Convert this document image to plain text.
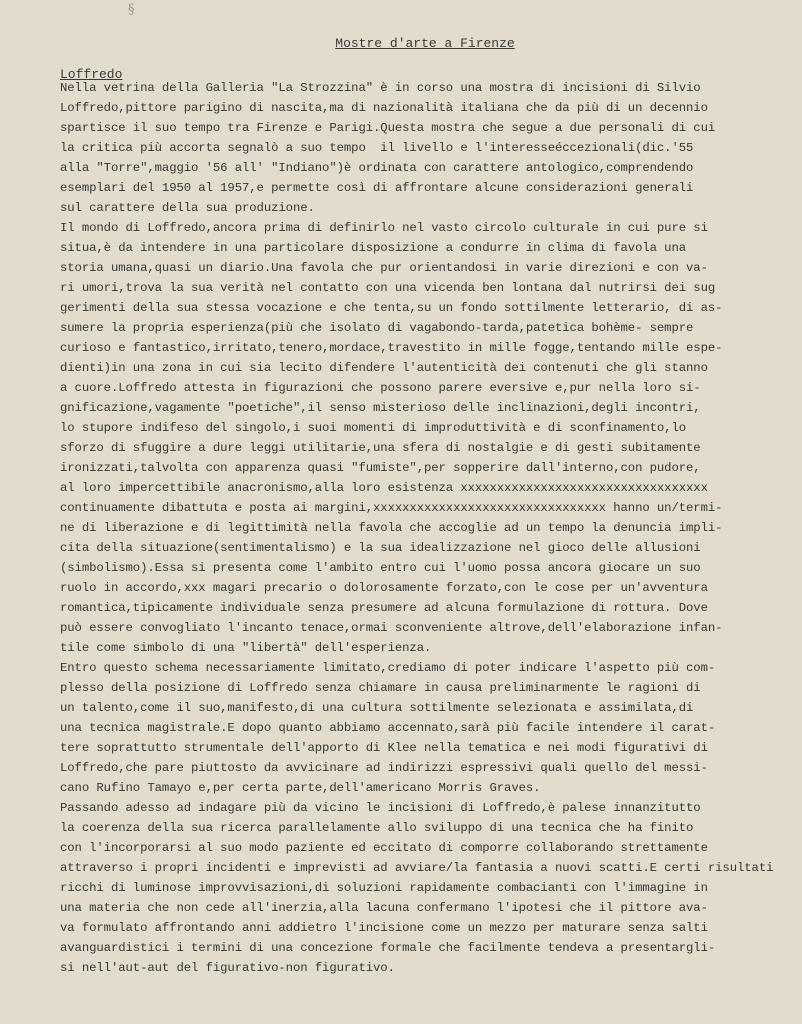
§
Mostre d'arte a Firenze
Loffredo
Nella vetrina della Galleria "La Strozzina" è in corso una mostra di incisioni di Silvio
Loffredo,pittore parigino di nascita,ma di nazionalità italiana che da più di un decennio
spartisce il suo tempo tra Firenze e Parigi.Questa mostra che segue a due personali di cui
la critica più accorta segnalò a suo tempo  il livello e l'interesseéccezionali(dic.'55
alla "Torre",maggio '56 all' "Indiano")è ordinata con carattere antologico,comprendendo
esemplari del 1950 al 1957,e permette così di affrontare alcune considerazioni generali
sul carattere della sua produzione.
Il mondo di Loffredo,ancora prima di definirlo nel vasto circolo culturale in cui pure si
situa,è da intendere in una particolare disposizione a condurre in clima di favola una
storia umana,quasi un diario.Una favola che pur orientandosi in varie direzioni e con va-
ri umori,trova la sua verità nel contatto con una vicenda ben lontana dal nutrirsi dei sug
gerimenti della sua stessa vocazione e che tenta,su un fondo sottilmente letterario, di as-
sumere la propria esperienza(più che isolato di vagabondo-tarda,patetica bohème- sempre
curioso e fantastico,irritato,tenero,mordace,travestito in mille fogge,tentando mille espe-
dienti)in una zona in cui sia lecito difendere l'autenticità dei contenuti che gli stanno
a cuore.Loffredo attesta in figurazioni che possono parere eversive e,pur nella loro si-
gnificazione,vagamente "poetiche",il senso misterioso delle inclinazioni,degli incontri,
lo stupore indifeso del singolo,i suoi momenti di improduttività e di sconfinamento,lo
sforzo di sfuggire a dure leggi utilitarie,una sfera di nostalgie e di gesti subitamente
ironizzati,talvolta con apparenza quasi "fumiste",per sopperire dall'interno,con pudore,
al loro impercettibile anacronismo,alla loro esistenza xxxxxxxxxxxxxxxxxxxxxxxxxxxxxxxxxx
continuamente dibattuta e posta ai margini,xxxxxxxxxxxxxxxxxxxxxxxxxxxxxxxx hanno un/termi-
ne di liberazione e di legittimità nella favola che accoglie ad un tempo la denuncia impli-
cita della situazione(sentimentalismo) e la sua idealizzazione nel gioco delle allusioni
(simbolismo).Essa si presenta come l'ambito entro cui l'uomo possa ancora giocare un suo
ruolo in accordo,xxx magari precario o dolorosamente forzato,con le cose per un'avventura
romantica,tipicamente individuale senza presumere ad alcuna formulazione di rottura. Dove
può essere convogliato l'incanto tenace,ormai sconveniente altrove,dell'elaborazione infan-
tile come simbolo di una "libertà" dell'esperienza.
Entro questo schema necessariamente limitato,crediamo di poter indicare l'aspetto più com-
plesso della posizione di Loffredo senza chiamare in causa preliminarmente le ragioni di
un talento,come il suo,manifesto,di una cultura sottilmente selezionata e assimilata,di
una tecnica magistrale.E dopo quanto abbiamo accennato,sarà più facile intendere il carat-
tere soprattutto strumentale dell'apporto di Klee nella tematica e nei modi figurativi di
Loffredo,che pare piuttosto da avvicinare ad indirizzi espressivi quali quello del messi-
cano Rufino Tamayo e,per certa parte,dell'americano Morris Graves.
Passando adesso ad indagare più da vicino le incisioni di Loffredo,è palese innanzitutto
la coerenza della sua ricerca parallelamente allo sviluppo di una tecnica che ha finito
con l'incorporarsi al suo modo paziente ed eccitato di comporre collaborando strettamente
attraverso i propri incidenti e imprevisti ad avviare/la fantasia a nuovi scatti.E certi risultati
ricchi di luminose improvvisazioni,di soluzioni rapidamente combacianti con l'immagine in
una materia che non cede all'inerzia,alla lacuna confermano l'ipotesi che il pittore ava-
va formulato affrontando anni addietro l'incisione come un mezzo per maturare senza salti
avanguardistici i termini di una concezione formale che facilmente tendeva a presentargli-
si nell'aut-aut del figurativo-non figurativo.
